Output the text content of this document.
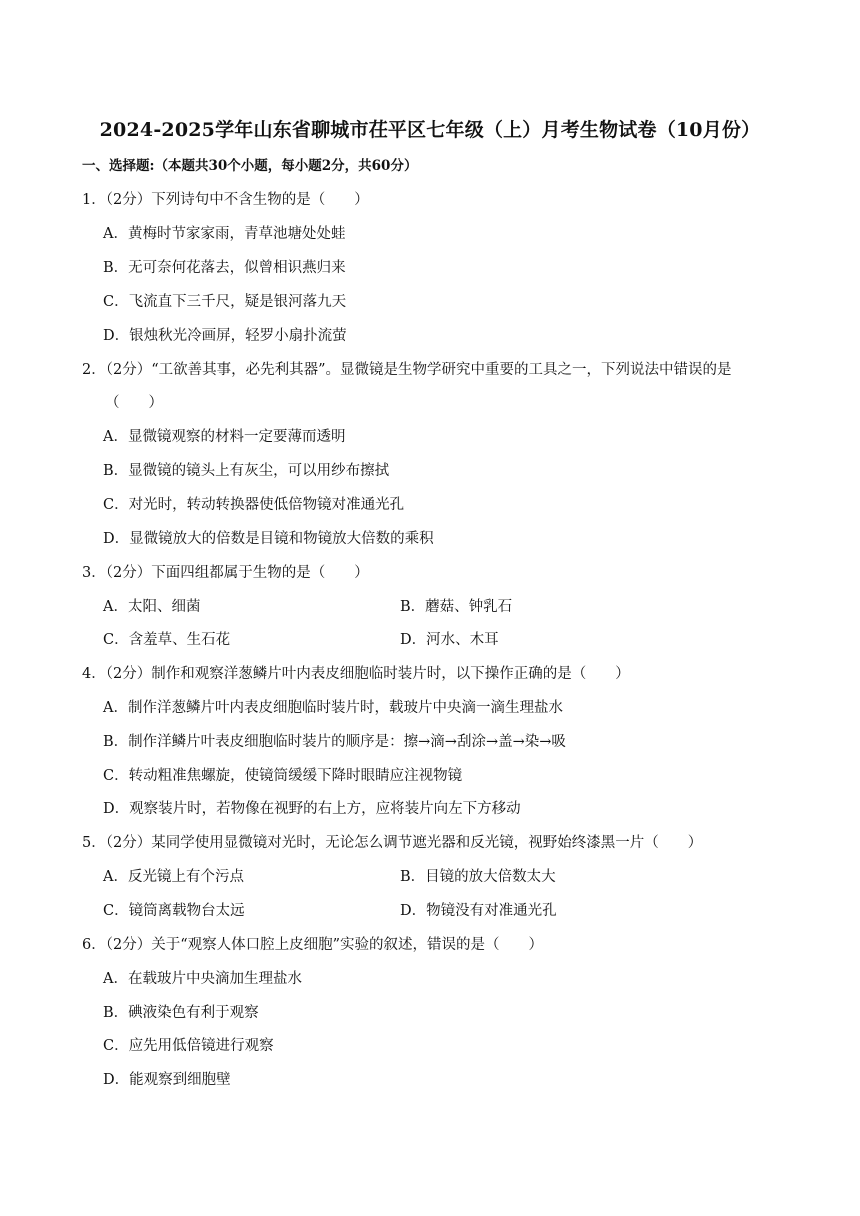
2024-2025学年山东省聊城市茌平区七年级（上）月考生物试卷（10月份）
一、选择题:（本题共30个小题，每小题2分，共60分）
1．（2分）下列诗句中不含生物的是（　　）
A．黄梅时节家家雨，青草池塘处处蛙
B．无可奈何花落去，似曾相识燕归来
C．飞流直下三千尺，疑是银河落九天
D．银烛秋光冷画屏，轻罗小扇扑流萤
2．（2分）“工欲善其事，必先利其器”。显微镜是生物学研究中重要的工具之一，下列说法中错误的是
（　　）
A．显微镜观察的材料一定要薄而透明
B．显微镜的镜头上有灰尘，可以用纱布擦拭
C．对光时，转动转换器使低倍物镜对准通光孔
D．显微镜放大的倍数是目镜和物镜放大倍数的乘积
3．（2分）下面四组都属于生物的是（　　）
A．太阳、细菌	B．蘑菇、钟乳石
C．含羞草、生石花	D．河水、木耳
4．（2分）制作和观察洋葱鳞片叶内表皮细胞临时装片时，以下操作正确的是（　　）
A．制作洋葱鳞片叶内表皮细胞临时装片时，载玻片中央滴一滴生理盐水
B．制作洋鳞片叶表皮细胞临时装片的顺序是：擦→滴→刮涂→盖→染→吸
C．转动粗准焦螺旋，使镜筒缓缓下降时眼睛应注视物镜
D．观察装片时，若物像在视野的右上方，应将装片向左下方移动
5．（2分）某同学使用显微镜对光时，无论怎么调节遮光器和反光镜，视野始终漆黑一片（　　）
A．反光镜上有个污点	B．目镜的放大倍数太大
C．镜筒离载物台太远	D．物镜没有对准通光孔
6．（2分）关于“观察人体口腔上皮细胞”实验的叙述，错误的是（　　）
A．在载玻片中央滴加生理盐水
B．碘液染色有利于观察
C．应先用低倍镜进行观察
D．能观察到细胞壁
